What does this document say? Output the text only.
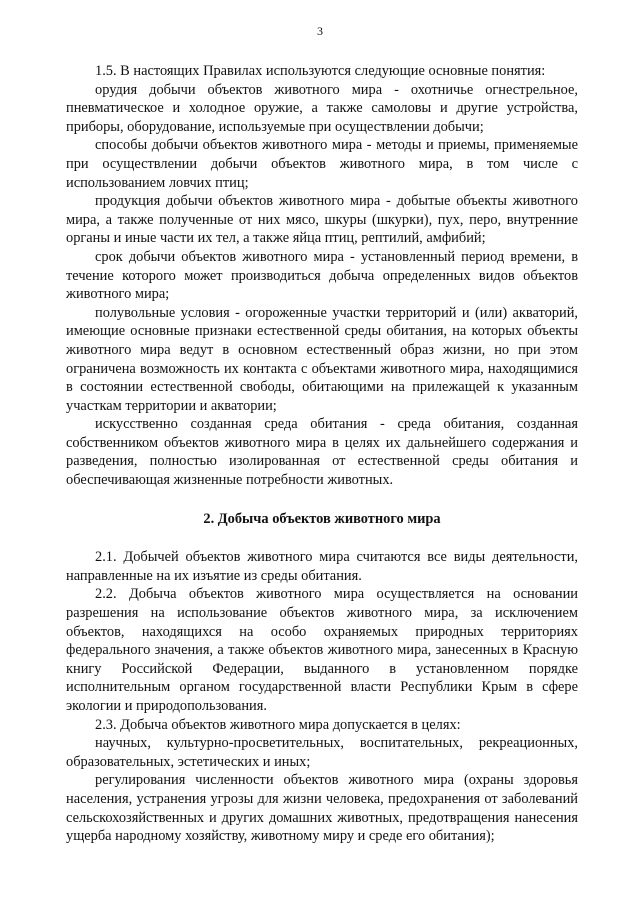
3

1.5. В настоящих Правилах используются следующие основные понятия:

орудия добычи объектов животного мира - охотничье огнестрельное, пневматическое и холодное оружие, а также самоловы и другие устройства, приборы, оборудование, используемые при осуществлении добычи;

способы добычи объектов животного мира - методы и приемы, применяемые при осуществлении добычи объектов животного мира, в том числе с использованием ловчих птиц;

продукция добычи объектов животного мира - добытые объекты животного мира, а также полученные от них мясо, шкуры (шкурки), пух, перо, внутренние органы и иные части их тел, а также яйца птиц, рептилий, амфибий;

срок добычи объектов животного мира - установленный период времени, в течение которого может производиться добыча определенных видов объектов животного мира;

полувольные условия - огороженные участки территорий и (или) акваторий, имеющие основные признаки естественной среды обитания, на которых объекты животного мира ведут в основном естественный образ жизни, но при этом ограничена возможность их контакта с объектами животного мира, находящимися в состоянии естественной свободы, обитающими на прилежащей к указанным участкам территории и акватории;

искусственно созданная среда обитания - среда обитания, созданная собственником объектов животного мира в целях их дальнейшего содержания и разведения, полностью изолированная от естественной среды обитания и обеспечивающая жизненные потребности животных.

2. Добыча объектов животного мира

2.1. Добычей объектов животного мира считаются все виды деятельности, направленные на их изъятие из среды обитания.

2.2. Добыча объектов животного мира осуществляется на основании разрешения на использование объектов животного мира, за исключением объектов, находящихся на особо охраняемых природных территориях федерального значения, а также объектов животного мира, занесенных в Красную книгу Российской Федерации, выданного в установленном порядке исполнительным органом государственной власти Республики Крым в сфере экологии и природопользования.

2.3. Добыча объектов животного мира допускается в целях:

научных, культурно-просветительных, воспитательных, рекреационных, образовательных, эстетических и иных;

регулирования численности объектов животного мира (охраны здоровья населения, устранения угрозы для жизни человека, предохранения от заболеваний сельскохозяйственных и других домашних животных, предотвращения нанесения ущерба народному хозяйству, животному миру и среде его обитания);
